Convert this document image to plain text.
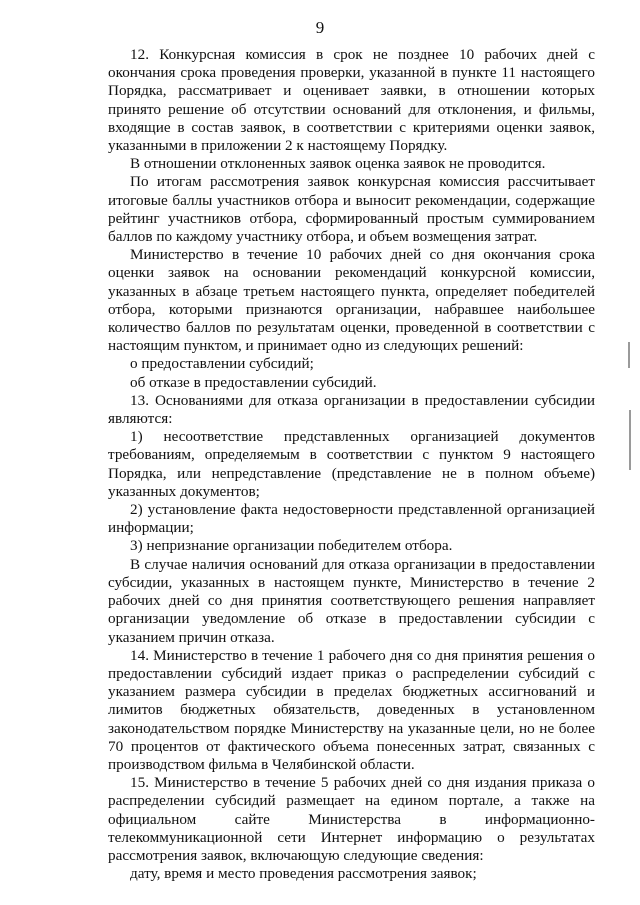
9

12. Конкурсная комиссия в срок не позднее 10 рабочих дней с окончания срока проведения проверки, указанной в пункте 11 настоящего Порядка, рассматривает и оценивает заявки, в отношении которых принято решение об отсутствии оснований для отклонения, и фильмы, входящие в состав заявок, в соответствии с критериями оценки заявок, указанными в приложении 2 к настоящему Порядку.

В отношении отклоненных заявок оценка заявок не проводится.

По итогам рассмотрения заявок конкурсная комиссия рассчитывает итоговые баллы участников отбора и выносит рекомендации, содержащие рейтинг участников отбора, сформированный простым суммированием баллов по каждому участнику отбора, и объем возмещения затрат.

Министерство в течение 10 рабочих дней со дня окончания срока оценки заявок на основании рекомендаций конкурсной комиссии, указанных в абзаце третьем настоящего пункта, определяет победителей отбора, которыми признаются организации, набравшее наибольшее количество баллов по результатам оценки, проведенной в соответствии с настоящим пунктом, и принимает одно из следующих решений:

о предоставлении субсидий;

об отказе в предоставлении субсидий.

13. Основаниями для отказа организации в предоставлении субсидии являются:

1) несоответствие представленных организацией документов требованиям, определяемым в соответствии с пунктом 9 настоящего Порядка, или непредставление (представление не в полном объеме) указанных документов;

2) установление факта недостоверности представленной организацией информации;

3) непризнание организации победителем отбора.

В случае наличия оснований для отказа организации в предоставлении субсидии, указанных в настоящем пункте, Министерство в течение 2 рабочих дней со дня принятия соответствующего решения направляет организации уведомление об отказе в предоставлении субсидии с указанием причин отказа.

14. Министерство в течение 1 рабочего дня со дня принятия решения о предоставлении субсидий издает приказ о распределении субсидий с указанием размера субсидии в пределах бюджетных ассигнований и лимитов бюджетных обязательств, доведенных в установленном законодательством порядке Министерству на указанные цели, но не более 70 процентов от фактического объема понесенных затрат, связанных с производством фильма в Челябинской области.

15. Министерство в течение 5 рабочих дней со дня издания приказа о распределении субсидий размещает на едином портале, а также на официальном сайте Министерства в информационно-телекоммуникационной сети Интернет информацию о результатах рассмотрения заявок, включающую следующие сведения:

дату, время и место проведения рассмотрения заявок;
